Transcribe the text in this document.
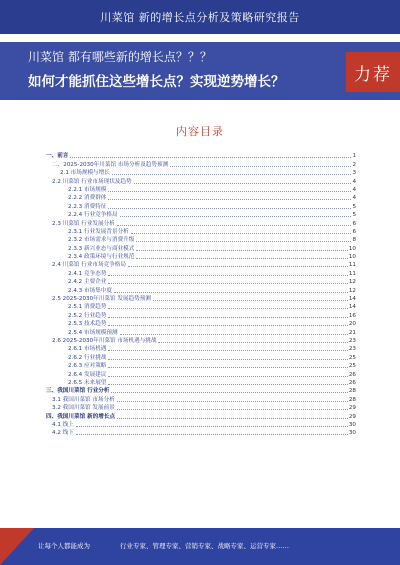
川菜馆 新的增长点分析及策略研究报告
川菜馆 都有哪些新的增长点？？？
如何才能抓住这些增长点？实现逆势增长？	力荐
内容目录
一、前言	1
二、2025-2030年川菜馆 市场分析及趋势预测	2
2.1 市场规模与增长	3
2.2 川菜馆 行业市场现状及趋势	4
2.2.1 市场规模	4
2.2.2 消费群体	4
2.2.3 消费特征	5
2.2.4 行业竞争格局	5
2.3 川菜馆 行业发展分析	6
2.3.1 行业发展背景分析	6
2.3.2 市场需求与消费升级	8
2.3.3 新兴业态与商业模式	10
2.3.4 政策环境与行业规范	10
2.4 川菜馆 行业市场竞争格局	11
2.4.1 竞争态势	11
2.4.2 主要企业	12
2.4.3 市场集中度	12
2.5 2025-2030年川菜馆 发展趋势预测	14
2.5.1 消费趋势	14
2.5.2 行业趋势	16
2.5.3 技术趋势	20
2.5.4 市场规模预测	21
2.6 2025-2030年川菜馆 市场机遇与挑战	23
2.6.1 市场机遇	23
2.6.2 行业挑战	25
2.6.3 应对策略	25
2.6.4 发展建议	26
2.6.5 未来展望	26
三、我国川菜馆 行业分析	28
3.1 我国川菜馆 市场分析	28
3.2 我国川菜馆 发展前景	29
四、我国川菜馆 新的增长点	29
4.1 线上	30
4.2 线下	30
让每个人都能成为	行业专家、管理专家、营销专家、战略专家、运营专家……
